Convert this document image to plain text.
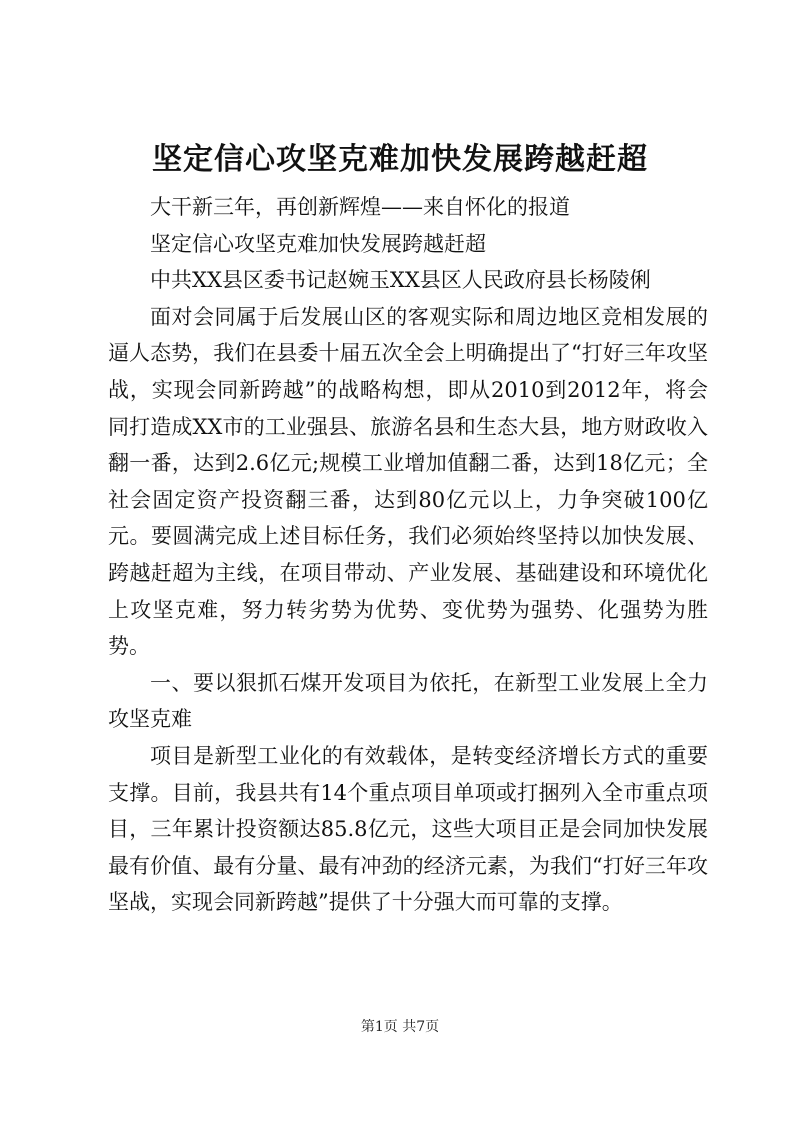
坚定信心攻坚克难加快发展跨越赶超

大干新三年，再创新辉煌——来自怀化的报道

坚定信心攻坚克难加快发展跨越赶超

中共XX县区委书记赵婉玉XX县区人民政府县长杨陵俐

面对会同属于后发展山区的客观实际和周边地区竞相发展的逼人态势，我们在县委十届五次全会上明确提出了“打好三年攻坚战，实现会同新跨越”的战略构想，即从2010到2012年，将会同打造成XX市的工业强县、旅游名县和生态大县，地方财政收入翻一番，达到2.6亿元;规模工业增加值翻二番，达到18亿元；全社会固定资产投资翻三番，达到80亿元以上，力争突破100亿元。要圆满完成上述目标任务，我们必须始终坚持以加快发展、跨越赶超为主线，在项目带动、产业发展、基础建设和环境优化上攻坚克难，努力转劣势为优势、变优势为强势、化强势为胜势。

一、要以狠抓石煤开发项目为依托，在新型工业发展上全力攻坚克难

项目是新型工业化的有效载体，是转变经济增长方式的重要支撑。目前，我县共有14个重点项目单项或打捆列入全市重点项目，三年累计投资额达85.8亿元，这些大项目正是会同加快发展最有价值、最有分量、最有冲劲的经济元素，为我们“打好三年攻坚战，实现会同新跨越”提供了十分强大而可靠的支撑。

第1页 共7页
